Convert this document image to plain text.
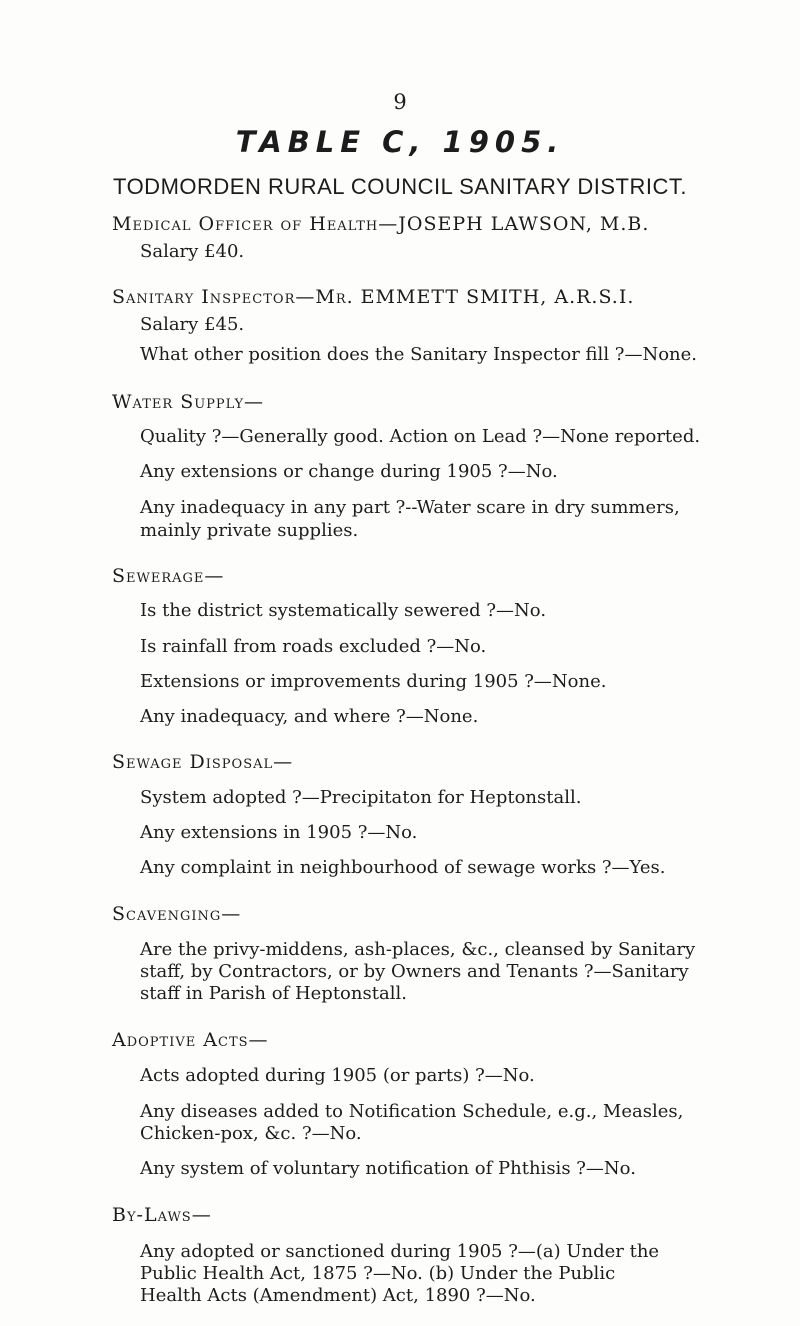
9
TABLE C, 1905.
TODMORDEN RURAL COUNCIL SANITARY DISTRICT.
Medical Officer of Health—JOSEPH LAWSON, M.B.
Salary £40.
Sanitary Inspector—Mr. EMMETT SMITH, A.R.S.I.
Salary £45.
What other position does the Sanitary Inspector fill ?—None.
Water Supply—
Quality ?—Generally good. Action on Lead ?—None reported.
Any extensions or change during 1905 ?—No.
Any inadequacy in any part ?--Water scare in dry summers,
mainly private supplies.
Sewerage—
Is the district systematically sewered ?—No.
Is rainfall from roads excluded ?—No.
Extensions or improvements during 1905 ?—None.
Any inadequacy, and where ?—None.
Sewage Disposal—
System adopted ?—Precipitaton for Heptonstall.
Any extensions in 1905 ?—No.
Any complaint in neighbourhood of sewage works ?—Yes.
Scavenging—
Are the privy-middens, ash-places, &c., cleansed by Sanitary
staff, by Contractors, or by Owners and Tenants ?—Sanitary
staff in Parish of Heptonstall.
Adoptive Acts—
Acts adopted during 1905 (or parts) ?—No.
Any diseases added to Notification Schedule, e.g., Measles,
Chicken-pox, &c. ?—No.
Any system of voluntary notification of Phthisis ?—No.
By-Laws—
Any adopted or sanctioned during 1905 ?—(a) Under the
Public Health Act, 1875 ?—No. (b) Under the Public
Health Acts (Amendment) Act, 1890 ?—No.
